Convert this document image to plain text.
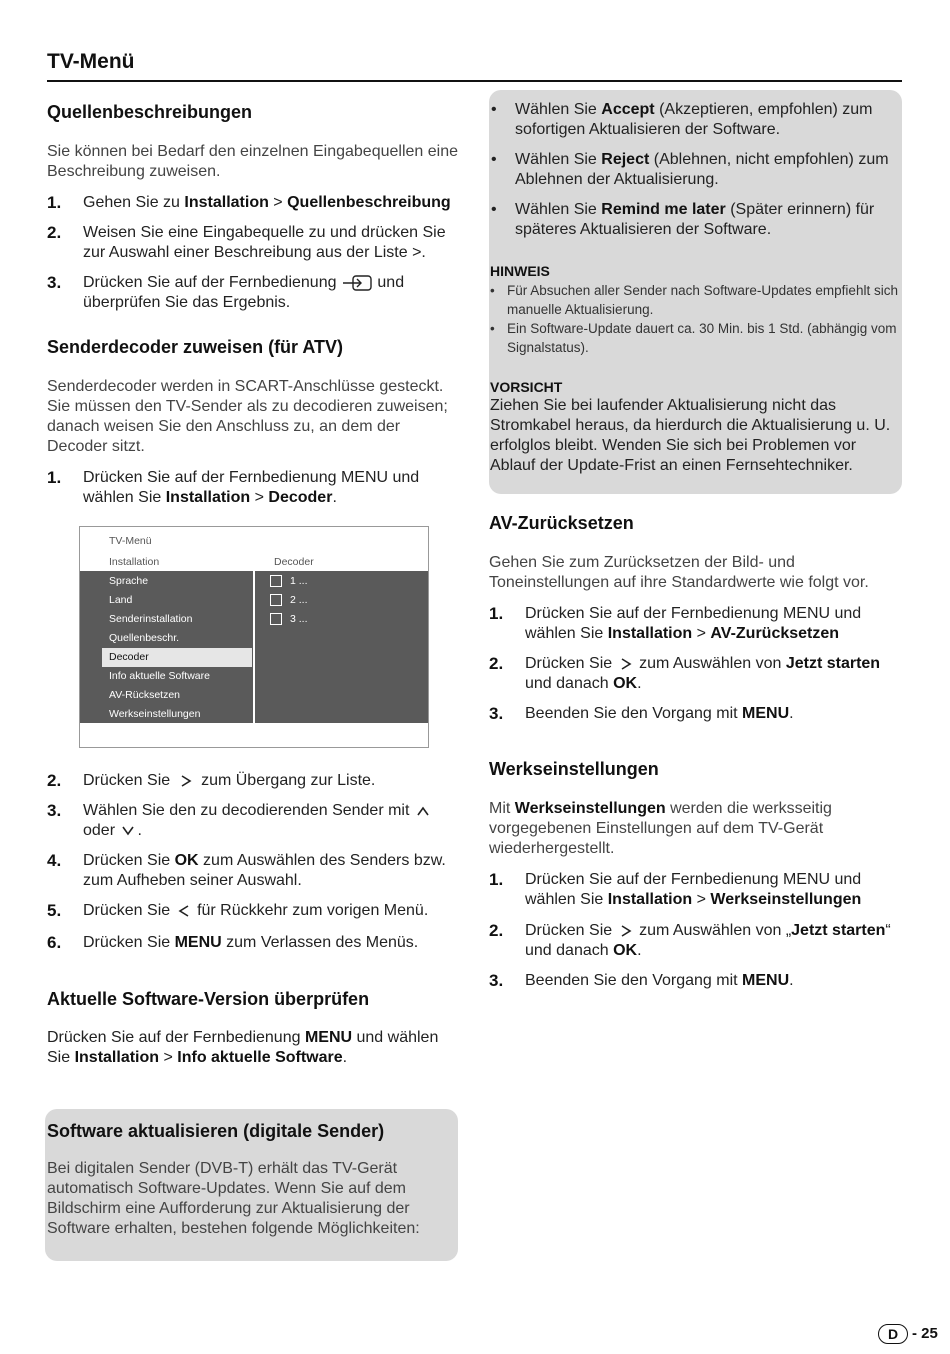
TV-Menü
Quellenbeschreibungen
Sie können bei Bedarf den einzelnen Eingabequellen eine Beschreibung zuweisen.
1. Gehen Sie zu Installation > Quellenbeschreibung
2. Weisen Sie eine Eingabequelle zu und drücken Sie zur Auswahl einer Beschreibung aus der Liste >.
3. Drücken Sie auf der Fernbedienung	und überprüfen Sie das Ergebnis.
Senderdecoder zuweisen (für ATV)
Senderdecoder werden in SCART-Anschlüsse gesteckt. Sie müssen den TV-Sender als zu decodieren zuweisen; danach weisen Sie den Anschluss zu, an dem der Decoder sitzt.
1. Drücken Sie auf der Fernbedienung MENU und wählen Sie Installation > Decoder.
TV-Menü
Installation	Decoder
Sprache
Land
Senderinstallation
Quellenbeschr.
Decoder
Info aktuelle Software
AV-Rücksetzen
Werkseinstellungen
1 ...
2 ...
3 ...
2. Drücken Sie zum Übergang zur Liste.
3. Wählen Sie den zu decodierenden Sender mit  oder .
4. Drücken Sie OK zum Auswählen des Senders bzw. zum Aufheben seiner Auswahl.
5. Drücken Sie für Rückkehr zum vorigen Menü.
6. Drücken Sie MENU zum Verlassen des Menüs.
Aktuelle Software-Version überprüfen
Drücken Sie auf der Fernbedienung MENU und wählen Sie Installation > Info aktuelle Software.
Software aktualisieren (digitale Sender)
Bei digitalen Sender (DVB-T) erhält das TV-Gerät automatisch Software-Updates. Wenn Sie auf dem Bildschirm eine Aufforderung zur Aktualisierung der Software erhalten, bestehen folgende Möglichkeiten:
• Wählen Sie Accept (Akzeptieren, empfohlen) zum sofortigen Aktualisieren der Software.
• Wählen Sie Reject (Ablehnen, nicht empfohlen) zum Ablehnen der Aktualisierung.
• Wählen Sie Remind me later (Später erinnern) für späteres Aktualisieren der Software.
HINWEIS
• Für Absuchen aller Sender nach Software-Updates empfiehlt sich manuelle Aktualisierung.
• Ein Software-Update dauert ca. 30 Min. bis 1 Std. (abhängig vom Signalstatus).
VORSICHT
Ziehen Sie bei laufender Aktualisierung nicht das Stromkabel heraus, da hierdurch die Aktualisierung u. U. erfolglos bleibt. Wenden Sie sich bei Problemen vor Ablauf der Update-Frist an einen Fernsehtechniker.
AV-Zurücksetzen
Gehen Sie zum Zurücksetzen der Bild- und Toneinstellungen auf ihre Standardwerte wie folgt vor.
1. Drücken Sie auf der Fernbedienung MENU und wählen Sie Installation > AV-Zurücksetzen
2. Drücken Sie zum Auswählen von Jetzt starten und danach OK.
3. Beenden Sie den Vorgang mit MENU.
Werkseinstellungen
Mit Werkseinstellungen werden die werksseitig vorgegebenen Einstellungen auf dem TV-Gerät wiederhergestellt.
1. Drücken Sie auf der Fernbedienung MENU und wählen Sie Installation > Werkseinstellungen
2. Drücken Sie zum Auswählen von „Jetzt starten“ und danach OK.
3. Beenden Sie den Vorgang mit MENU.
D - 25
